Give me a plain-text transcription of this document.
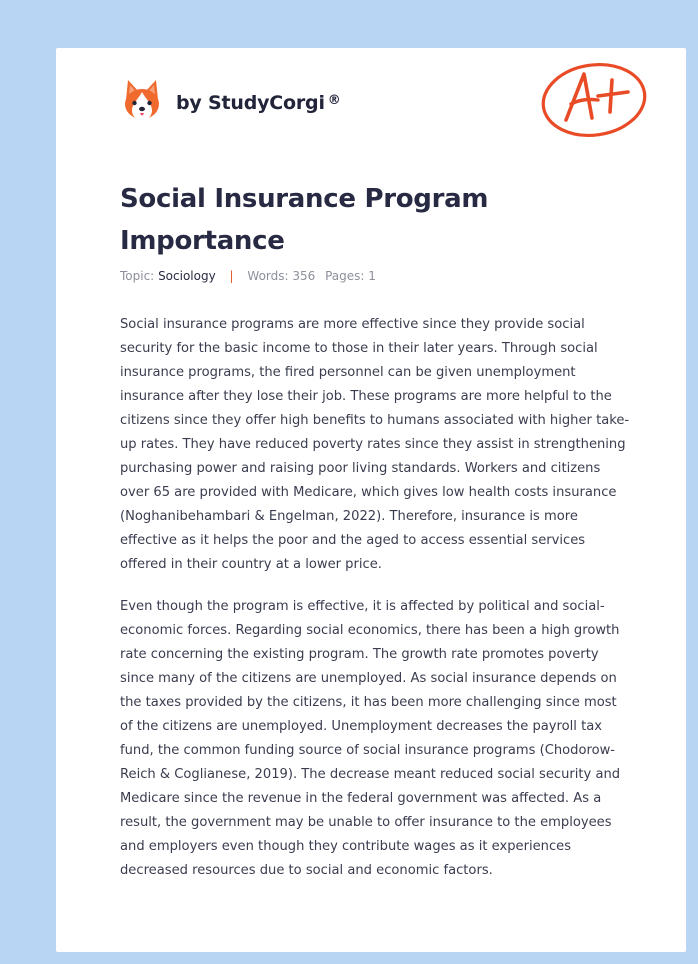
by StudyCorgi ®
Social Insurance Program Importance
Topic: Sociology | Words: 356 Pages: 1

Social insurance programs are more effective since they provide social security for the basic income to those in their later years. Through social insurance programs, the fired personnel can be given unemployment insurance after they lose their job. These programs are more helpful to the citizens since they offer high benefits to humans associated with higher take-up rates. They have reduced poverty rates since they assist in strengthening purchasing power and raising poor living standards. Workers and citizens over 65 are provided with Medicare, which gives low health costs insurance (Noghanibehambari & Engelman, 2022). Therefore, insurance is more effective as it helps the poor and the aged to access essential services offered in their country at a lower price.

Even though the program is effective, it is affected by political and social-economic forces. Regarding social economics, there has been a high growth rate concerning the existing program. The growth rate promotes poverty since many of the citizens are unemployed. As social insurance depends on the taxes provided by the citizens, it has been more challenging since most of the citizens are unemployed. Unemployment decreases the payroll tax fund, the common funding source of social insurance programs (Chodorow-Reich & Coglianese, 2019). The decrease meant reduced social security and Medicare since the revenue in the federal government was affected. As a result, the government may be unable to offer insurance to the employees and employers even though they contribute wages as it experiences decreased resources due to social and economic factors.
